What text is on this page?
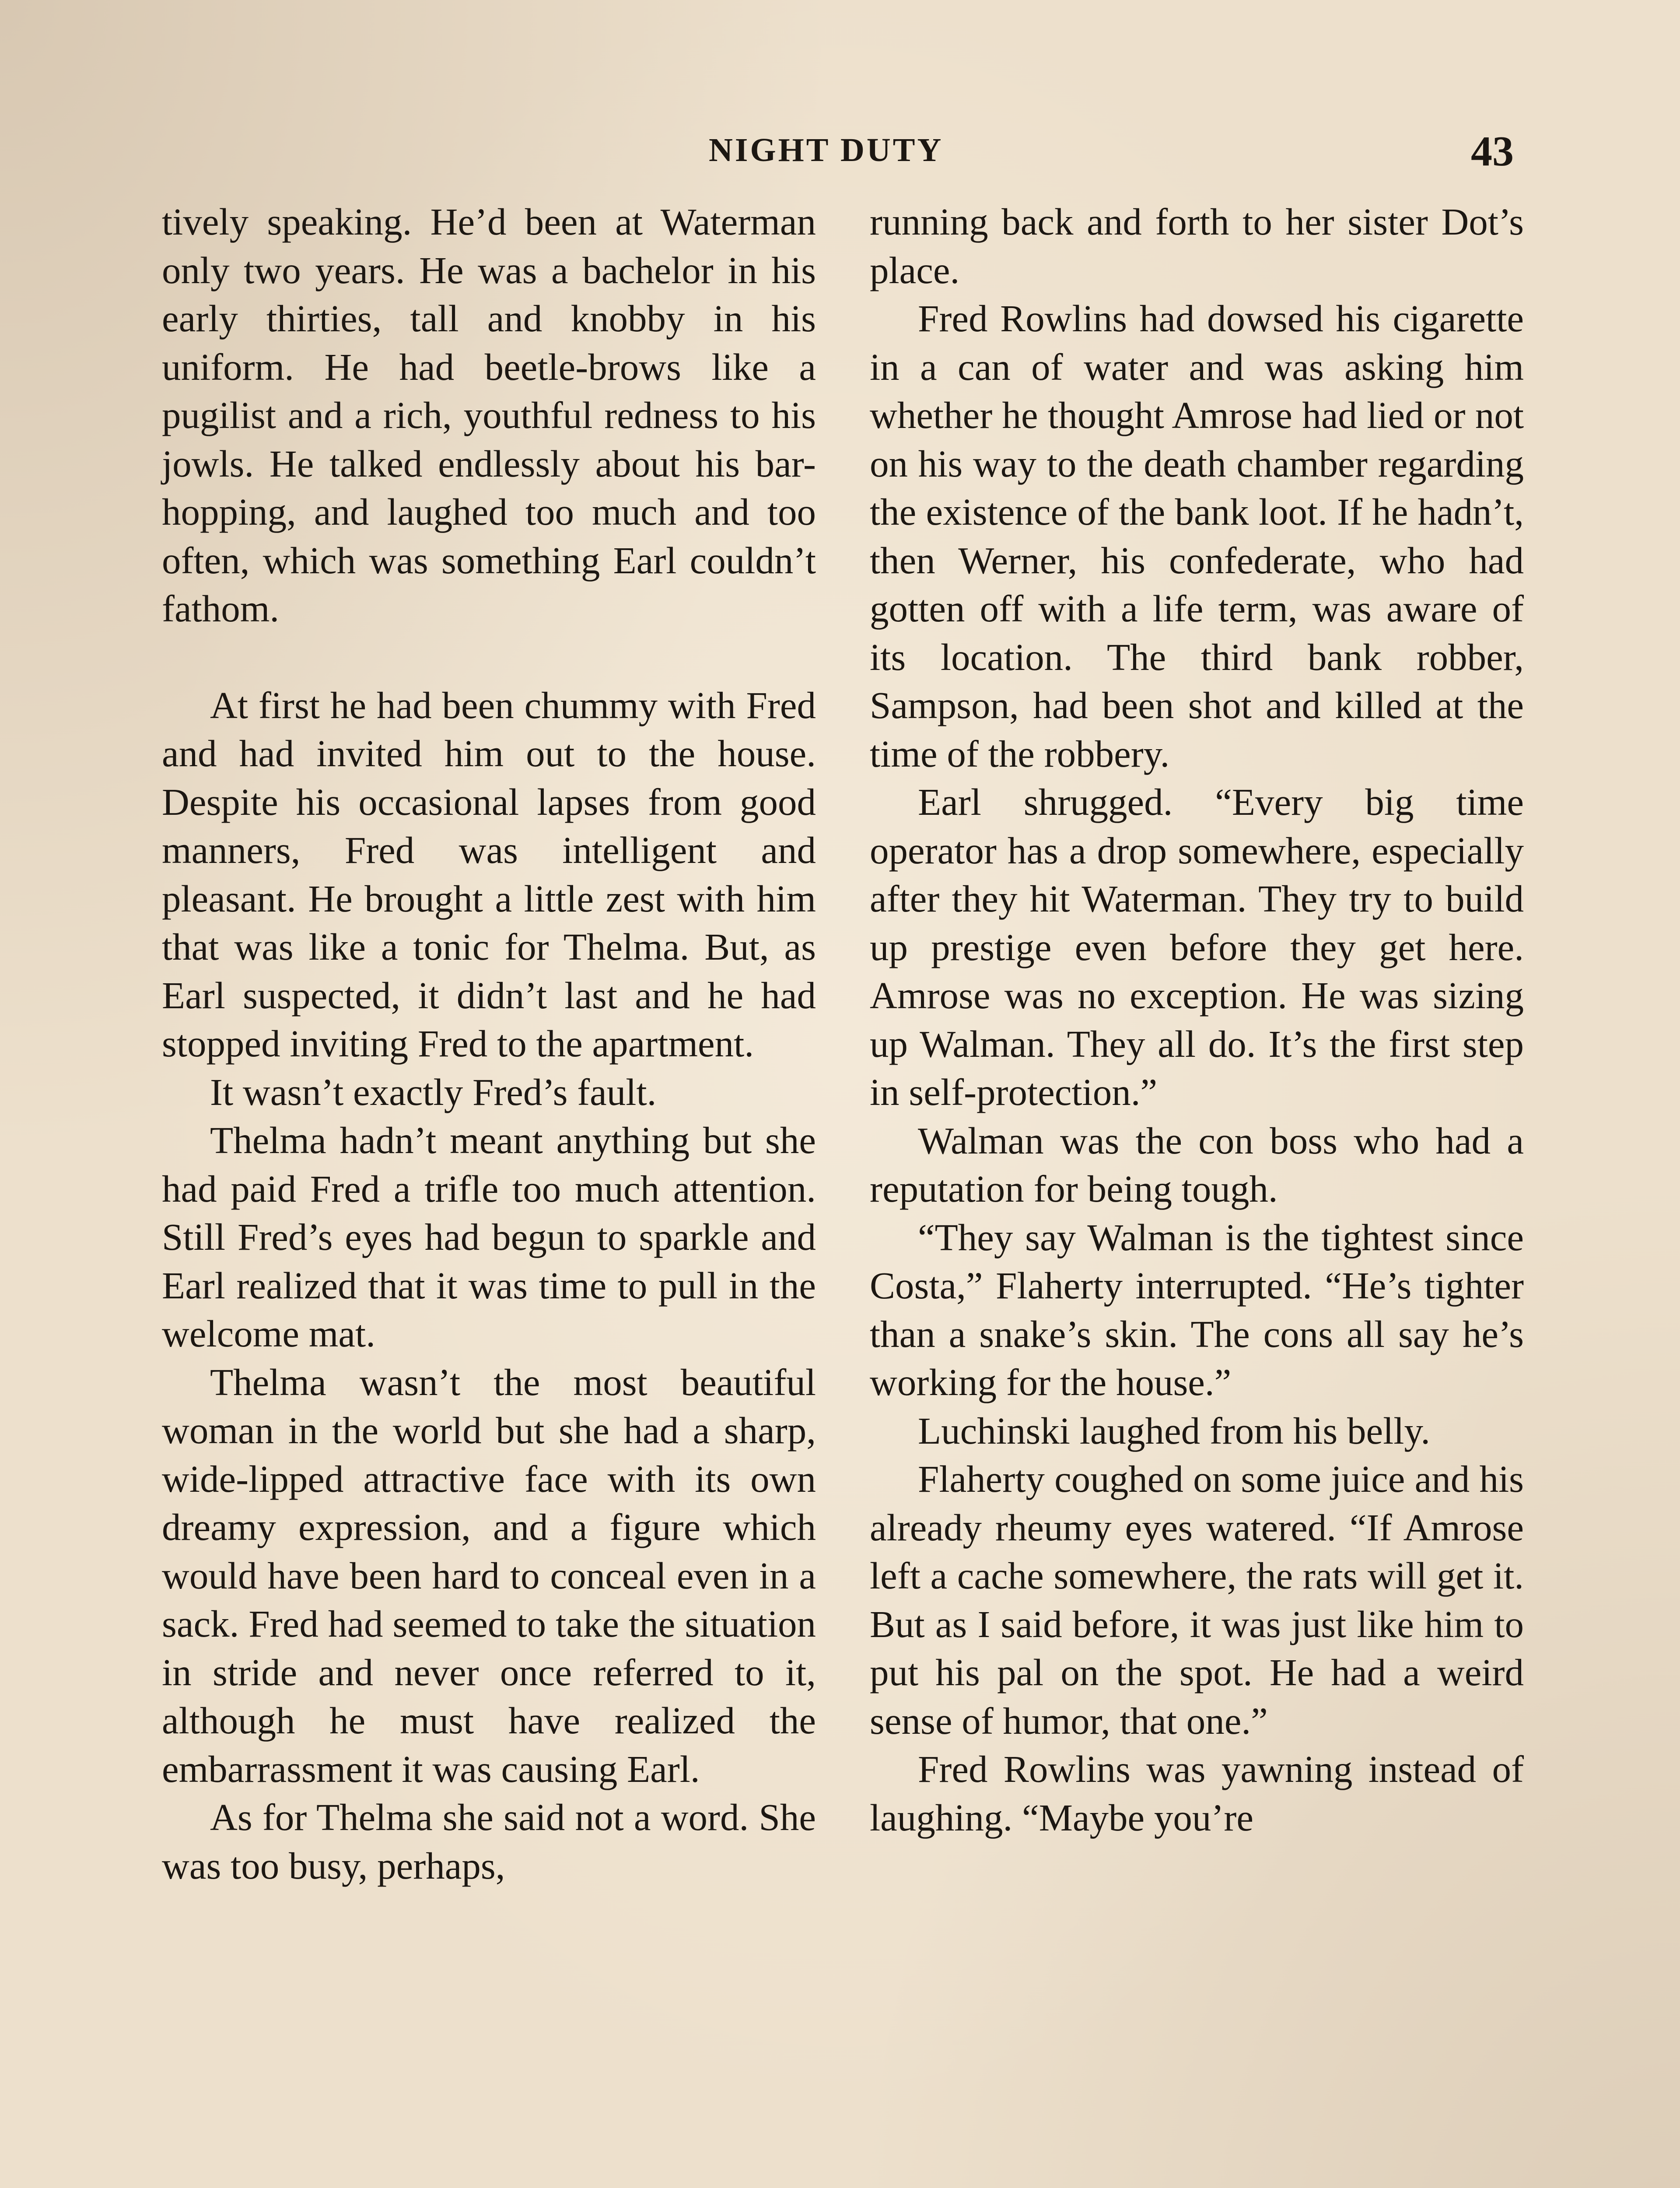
NIGHT DUTY	43

tively speaking. He’d been at Waterman only two years. He was a bachelor in his early thirties, tall and knobby in his uniform. He had beetle-brows like a pugilist and a rich, youthful redness to his jowls. He talked endlessly about his bar-hopping, and laughed too much and too often, which was something Earl couldn’t fathom.

At first he had been chummy with Fred and had invited him out to the house. Despite his occasional lapses from good manners, Fred was intelligent and pleasant. He brought a little zest with him that was like a tonic for Thelma. But, as Earl suspected, it didn’t last and he had stopped inviting Fred to the apartment.

It wasn’t exactly Fred’s fault.

Thelma hadn’t meant anything but she had paid Fred a trifle too much attention. Still Fred’s eyes had begun to sparkle and Earl realized that it was time to pull in the welcome mat.

Thelma wasn’t the most beautiful woman in the world but she had a sharp, wide-lipped attractive face with its own dreamy expression, and a figure which would have been hard to conceal even in a sack. Fred had seemed to take the situation in stride and never once referred to it, although he must have realized the embarrassment it was causing Earl.

As for Thelma she said not a word. She was too busy, perhaps,

running back and forth to her sister Dot’s place.

Fred Rowlins had dowsed his cigarette in a can of water and was asking him whether he thought Amrose had lied or not on his way to the death chamber regarding the existence of the bank loot. If he hadn’t, then Werner, his confederate, who had gotten off with a life term, was aware of its location. The third bank robber, Sampson, had been shot and killed at the time of the robbery.

Earl shrugged. “Every big time operator has a drop somewhere, especially after they hit Waterman. They try to build up prestige even before they get here. Amrose was no exception. He was sizing up Walman. They all do. It’s the first step in self-protection.”

Walman was the con boss who had a reputation for being tough.

“They say Walman is the tightest since Costa,” Flaherty interrupted. “He’s tighter than a snake’s skin. The cons all say he’s working for the house.”

Luchinski laughed from his belly.

Flaherty coughed on some juice and his already rheumy eyes watered. “If Amrose left a cache somewhere, the rats will get it. But as I said before, it was just like him to put his pal on the spot. He had a weird sense of humor, that one.”

Fred Rowlins was yawning instead of laughing. “Maybe you’re
